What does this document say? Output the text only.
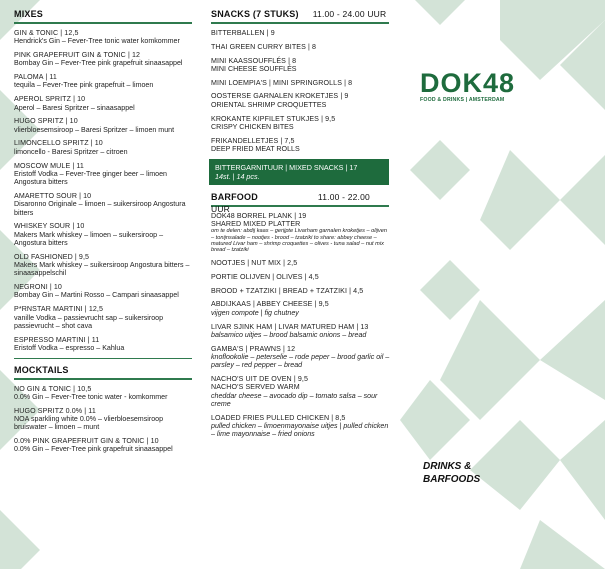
MIXES
GIN & TONIC | 12,5
Hendrick's Gin – Fever-Tree tonic water komkommer
PINK GRAPEFRUIT GIN & TONIC | 12
Bombay Gin – Fever-Tree pink grapefruit sinaasappel
PALOMA | 11
tequila – Fever-Tree pink grapefruit – limoen
APEROL SPRITZ | 10
Aperol – Baresi Spritzer – sinaasappel
HUGO SPRITZ | 10
vlierbloesemsiroop – Baresi Spritzer – limoen munt
LIMONCELLO SPRITZ | 10
limoncello - Baresi Spritzer – citroen
MOSCOW MULE | 11
Eristoff Vodka – Fever-Tree ginger beer – limoen Angostura bitters
AMARETTO SOUR | 10
Disaronno Originale – limoen – suikersiroop Angostura bitters
WHISKEY SOUR | 10
Makers Mark whiskey – limoen – suikersiroop – Angostura bitters
OLD FASHIONED | 9,5
Makers Mark whiskey – suikersiroop Angostura bitters – sinaasappelschil
NEGRONI | 10
Bombay Gin – Martini Rosso – Campari sinaasappel
P*RNSTAR MARTINI | 12,5
vanille Vodka – passievrucht sap – suikersiroop passievrucht – shot cava
ESPRESSO MARTINI | 11
Eristoff Vodka – espresso – Kahlua
MOCKTAILS
NO GIN & TONIC | 10,5
0.0% Gin – Fever-Tree tonic water - komkommer
HUGO SPRITZ 0.0% | 11
NOA sparkling white 0.0% – vlierbloesemsiroop bruiswater – limoen – munt
0.0% PINK GRAPEFRUIT GIN & TONIC | 10
0.0% Gin – Fever-Tree pink grapefruit sinaasappel
SNACKS (7 STUKS) 11.00 - 24.00 UUR
BITTERBALLEN | 9
THAI GREEN CURRY BITES | 8
MINI KAASSOUFFLÉS | 8
MINI CHEESE SOUFFLÉS
MINI LOEMPIA'S | MINI SPRINGROLLS | 8
OOSTERSE GARNALEN KROKETJES | 9
ORIENTAL SHRIMP CROQUETTES
KROKANTE KIPFILET STUKJES | 9,5
CRISPY CHICKEN BITES
FRIKANDELLETJES | 7,5
DEEP FRIED MEAT ROLLS
BITTERGARNITUUR | MIXED SNACKS | 17
14st. | 14 pcs.
BARFOOD	11.00 - 22.00 UUR
DOK48 BORREL PLANK | 19
SHARED MIXED PLATTER
om te delen: abdij kaas – gerijpte Livarham garnalen kroketjes – olijven – tonijnsalade – nootjes - brood – tzatziki to share: abbey cheese – matured Livar ham – shrimp croquettes – olives - tuna salad – nut mix bread – tzatziki
NOOTJES | NUT MIX | 2,5
PORTIE OLIJVEN | OLIVES | 4,5
BROOD + TZATZIKI | BREAD + TZATZIKI | 4,5
ABDIJKAAS | ABBEY CHEESE | 9,5
vijgen compote | fig chutney
LIVAR SJINK HAM | LIVAR MATURED HAM | 13
balsamico uitjes – brood balsamic onions – bread
GAMBA'S | PRAWNS | 12
knoflookolie – peterselie – rode peper – brood garlic oil – parsley – red pepper – bread
NACHO'S UIT DE OVEN | 9,5
NACHO'S SERVED WARM
cheddar cheese – avocado dip – tomato salsa – sour creme
LOADED FRIES PULLED CHICKEN | 8,5
pulled chicken – limoenmayonaise uitjes | pulled chicken – lime mayonnaise – fried onions
DOK48
FOOD & DRINKS | AMSTERDAM
DRINKS &
BARFOODS
